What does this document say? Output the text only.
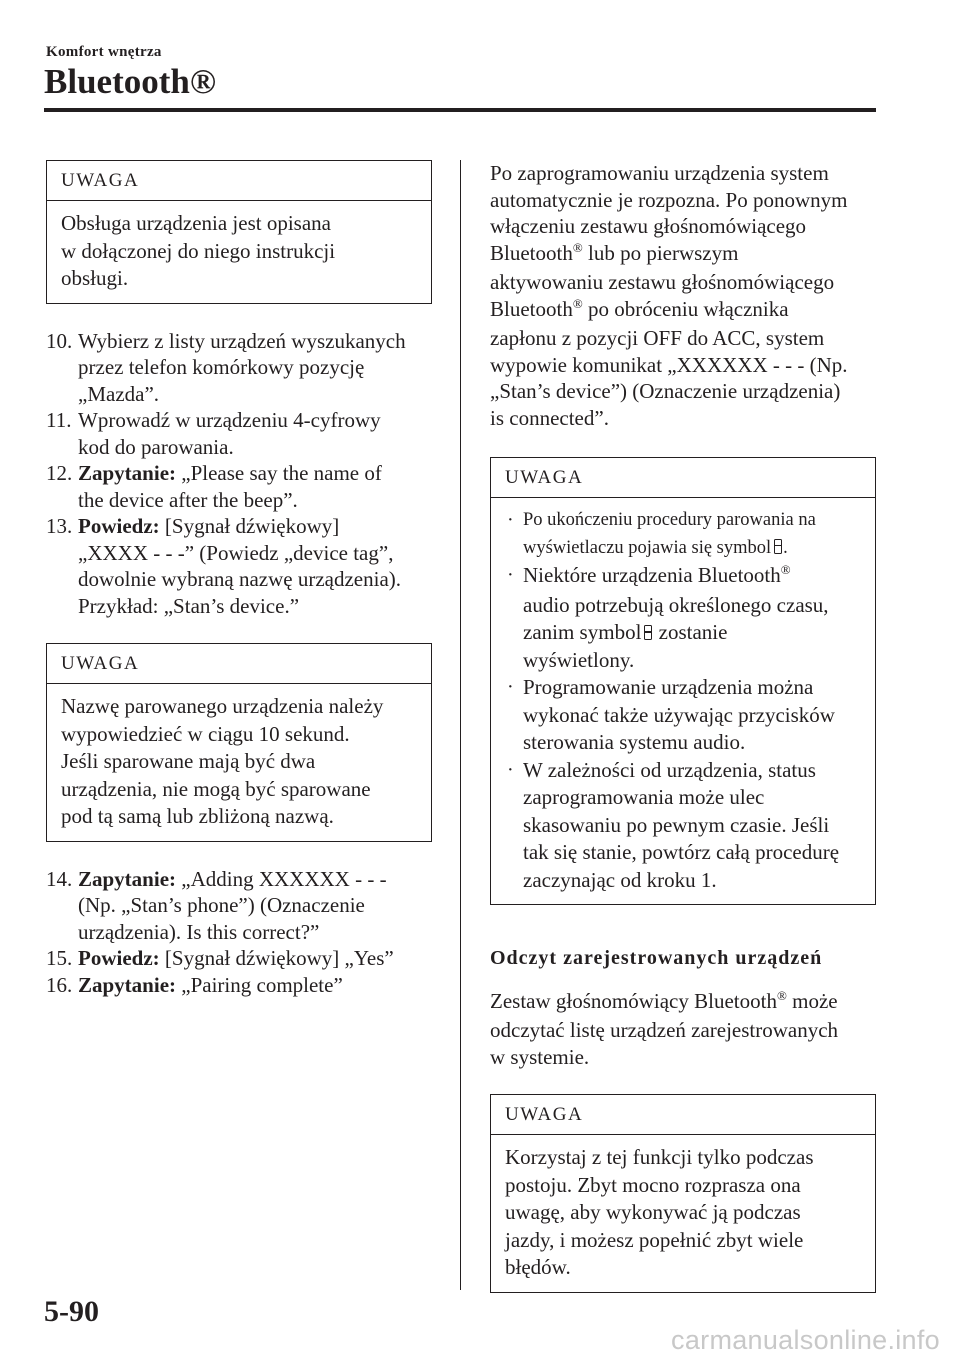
Komfort wnętrza
Bluetooth®
UWAGA
Obsługa urządzenia jest opisana
w dołączonej do niego instrukcji
obsługi.
10. Wybierz z listy urządzeń wyszukanych
przez telefon komórkowy pozycję
„Mazda”.
11. Wprowadź w urządzeniu 4-cyfrowy
kod do parowania.
12. Zapytanie: „Please say the name of
the device after the beep”.
13. Powiedz: [Sygnał dźwiękowy]
„XXXX - - -” (Powiedz „device tag”,
dowolnie wybraną nazwę urządzenia).
Przykład: „Stan’s device.”
UWAGA
Nazwę parowanego urządzenia należy
wypowiedzieć w ciągu 10 sekund.
Jeśli sparowane mają być dwa
urządzenia, nie mogą być sparowane
pod tą samą lub zbliżoną nazwą.
14. Zapytanie: „Adding XXXXXX - - -
(Np. „Stan’s phone”) (Oznaczenie
urządzenia). Is this correct?”
15. Powiedz: [Sygnał dźwiękowy] „Yes”
16. Zapytanie: „Pairing complete”
Po zaprogramowaniu urządzenia system
automatycznie je rozpozna. Po ponownym
włączeniu zestawu głośnomówiącego
Bluetooth® lub po pierwszym
aktywowaniu zestawu głośnomówiącego
Bluetooth® po obróceniu włącznika
zapłonu z pozycji OFF do ACC, system
wypowie komunikat „XXXXXX - - - (Np.
„Stan’s device”) (Oznaczenie urządzenia)
is connected”.
UWAGA
· Po ukończeniu procedury parowania na
wyświetlaczu pojawia się symbol .
· Niektóre urządzenia Bluetooth®
audio potrzebują określonego czasu,
zanim symbol zostanie
wyświetlony.
· Programowanie urządzenia można
wykonać także używając przycisków
sterowania systemu audio.
· W zależności od urządzenia, status
zaprogramowania może ulec
skasowaniu po pewnym czasie. Jeśli
tak się stanie, powtórz całą procedurę
zaczynając od kroku 1.
Odczyt zarejestrowanych urządzeń
Zestaw głośnomówiący Bluetooth® może
odczytać listę urządzeń zarejestrowanych
w systemie.
UWAGA
Korzystaj z tej funkcji tylko podczas
postoju. Zbyt mocno rozprasza ona
uwagę, aby wykonywać ją podczas
jazdy, i możesz popełnić zbyt wiele
błędów.
5-90
carmanualsonline.info
